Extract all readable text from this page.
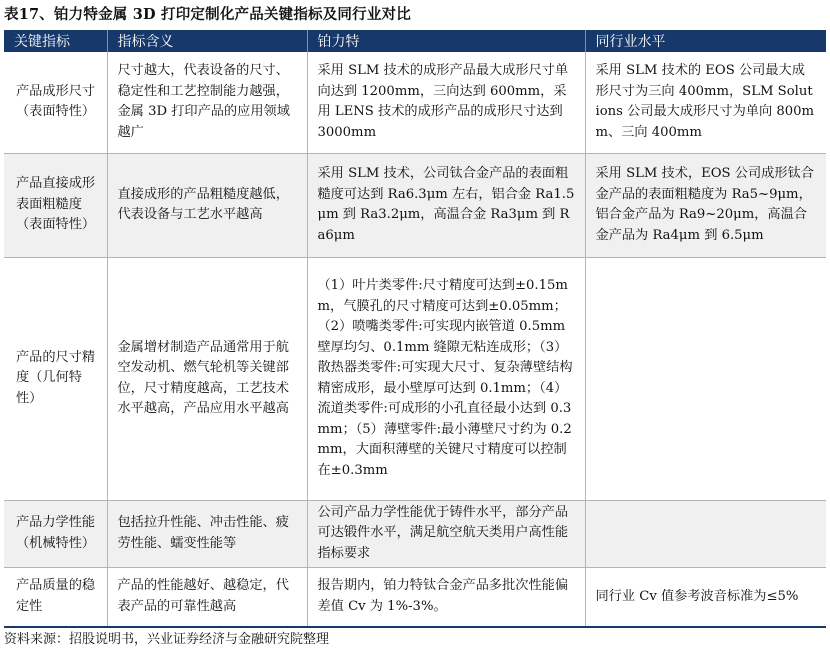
表17、铂力特金属 3D 打印定制化产品关键指标及同行业对比
关键指标	指标含义	铂力特	同行业水平
产品成形尺寸（表面特性）	尺寸越大，代表设备的尺寸、稳定性和工艺控制能力越强，金属 3D 打印产品的应用领域越广	采用 SLM 技术的成形产品最大成形尺寸单向达到 1200mm，三向达到 600mm，采用 LENS 技术的成形产品的成形尺寸达到 3000mm	采用 SLM 技术的 EOS 公司最大成形尺寸为三向 400mm，SLM Solutions 公司最大成形尺寸为单向 800mm、三向 400mm
产品直接成形表面粗糙度（表面特性）	直接成形的产品粗糙度越低，代表设备与工艺水平越高	采用 SLM 技术，公司钛合金产品的表面粗糙度可达到 Ra6.3μm 左右，铝合金 Ra1.5μm 到 Ra3.2μm，高温合金 Ra3μm 到 Ra6μm	采用 SLM 技术，EOS 公司成形钛合金产品的表面粗糙度为 Ra5~9μm，铝合金产品为 Ra9~20μm，高温合金产品为 Ra4μm 到 6.5μm
产品的尺寸精度（几何特性）	金属增材制造产品通常用于航空发动机、燃气轮机等关键部位，尺寸精度越高，工艺技术水平越高，产品应用水平越高	（1）叶片类零件:尺寸精度可达到±0.15mm，气膜孔的尺寸精度可达到±0.05mm；（2）喷嘴类零件:可实现内嵌管道 0.5mm 壁厚均匀、0.1mm 缝隙无粘连成形；（3）散热器类零件:可实现大尺寸、复杂薄壁结构精密成形，最小壁厚可达到 0.1mm；（4）流道类零件:可成形的小孔直径最小达到 0.3mm；（5）薄壁零件:最小薄壁尺寸约为 0.2mm，大面积薄壁的关键尺寸精度可以控制在±0.3mm	
产品力学性能（机械特性）	包括拉升性能、冲击性能、疲劳性能、蠕变性能等	公司产品力学性能优于铸件水平，部分产品可达锻件水平，满足航空航天类用户高性能指标要求	
产品质量的稳定性	产品的性能越好、越稳定，代表产品的可靠性越高	报告期内，铂力特钛合金产品多批次性能偏差值 Cv 为 1%-3%。	同行业 Cv 值参考波音标准为≤5%
资料来源：招股说明书，兴业证券经济与金融研究院整理
